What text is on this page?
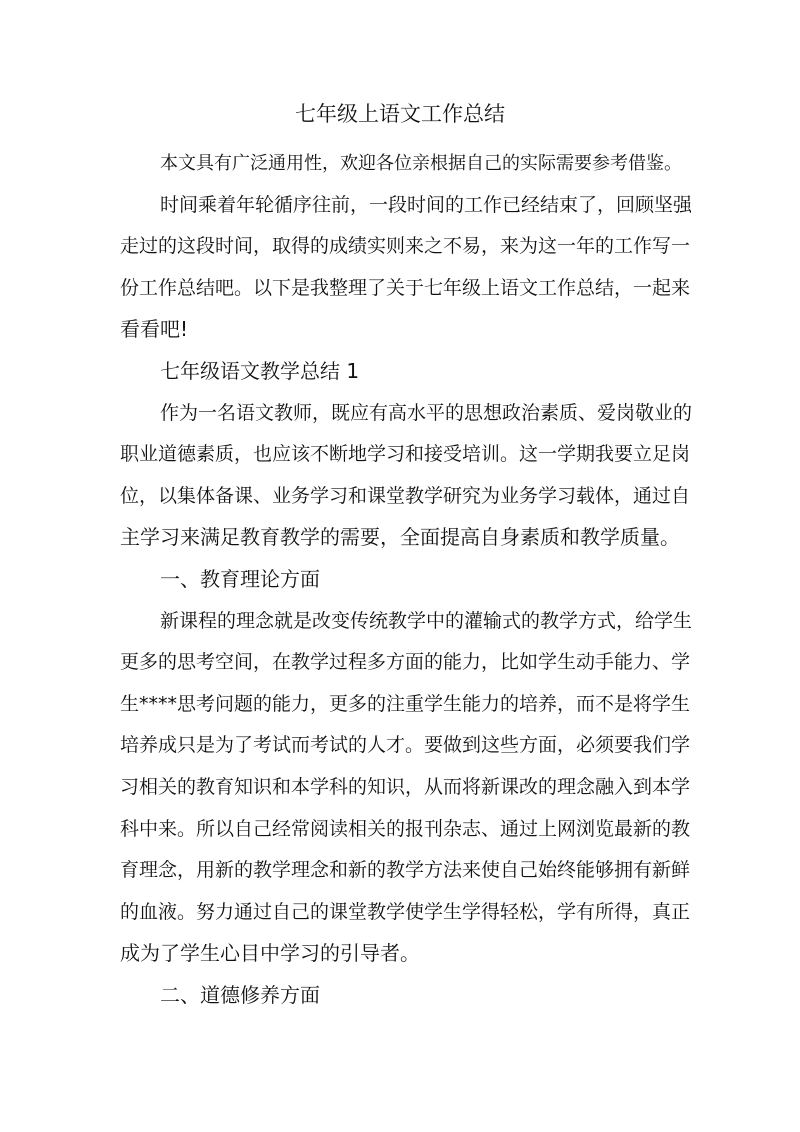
七年级上语文工作总结
本文具有广泛通用性，欢迎各位亲根据自己的实际需要参考借鉴。
时间乘着年轮循序往前，一段时间的工作已经结束了，回顾坚强
走过的这段时间，取得的成绩实则来之不易，来为这一年的工作写一
份工作总结吧。以下是我整理了关于七年级上语文工作总结，一起来
看看吧!
七年级语文教学总结 1
作为一名语文教师，既应有高水平的思想政治素质、爱岗敬业的
职业道德素质，也应该不断地学习和接受培训。这一学期我要立足岗
位，以集体备课、业务学习和课堂教学研究为业务学习载体，通过自
主学习来满足教育教学的需要，全面提高自身素质和教学质量。
一、教育理论方面
新课程的理念就是改变传统教学中的灌输式的教学方式，给学生
更多的思考空间，在教学过程多方面的能力，比如学生动手能力、学
生****思考问题的能力，更多的注重学生能力的培养，而不是将学生
培养成只是为了考试而考试的人才。要做到这些方面，必须要我们学
习相关的教育知识和本学科的知识，从而将新课改的理念融入到本学
科中来。所以自己经常阅读相关的报刊杂志、通过上网浏览最新的教
育理念，用新的教学理念和新的教学方法来使自己始终能够拥有新鲜
的血液。努力通过自己的课堂教学使学生学得轻松，学有所得，真正
成为了学生心目中学习的引导者。
二、道德修养方面
